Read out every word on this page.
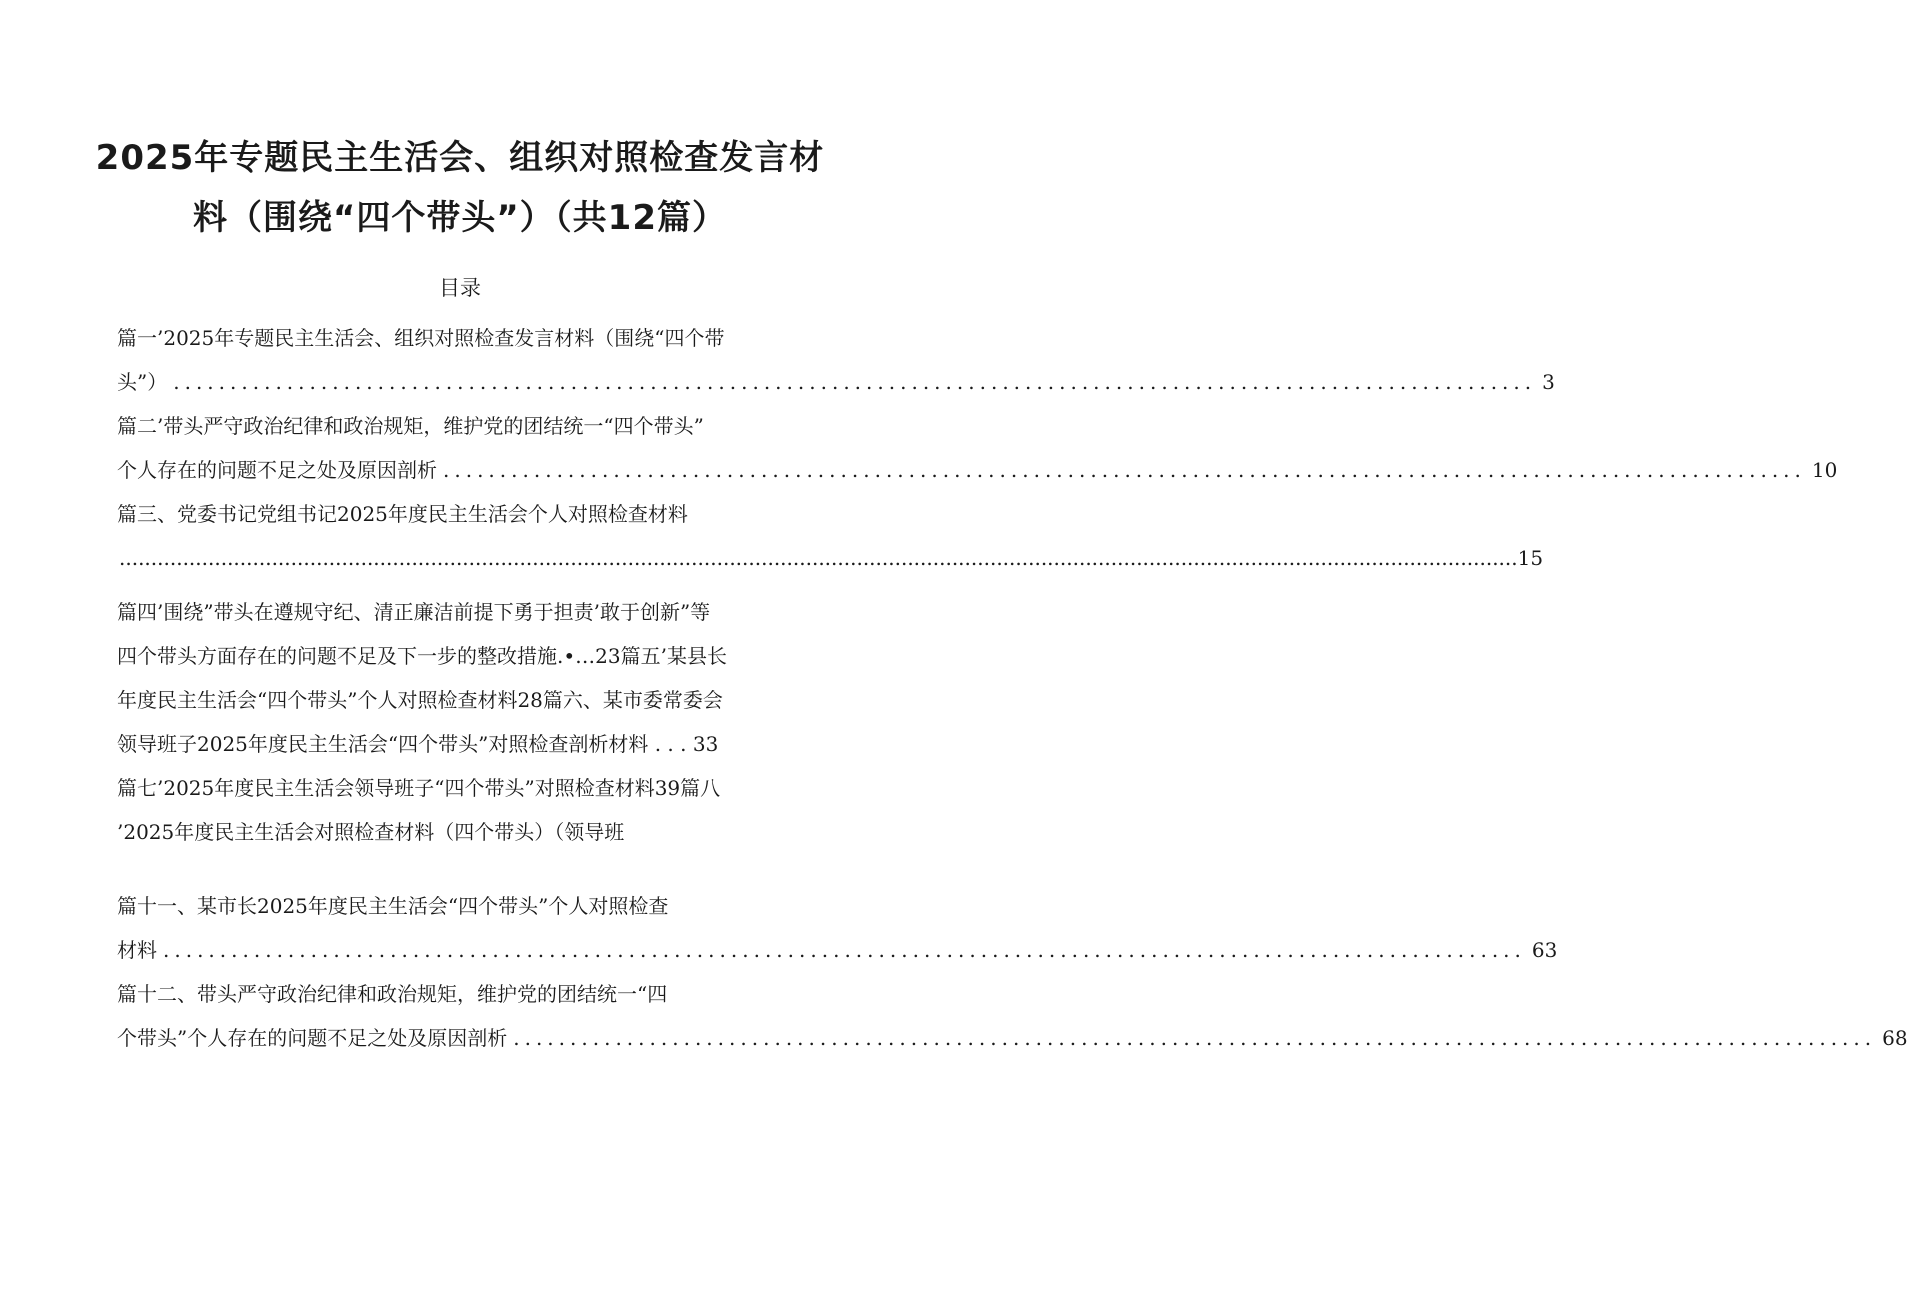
2025年专题民主生活会、组织对照检查发言材
料（围绕“四个带头”）（共12篇）
目录
篇一’2025年专题民主生活会、组织对照检查发言材料（围绕“四个带
头”） ........................................................................................................................ 3
篇二’带头严守政治纪律和政治规矩，维护党的团结统一“四个带头”
个人存在的问题不足之处及原因剖析 ........................................................................................................................ 10
篇三、党委书记党组书记2025年度民主生活会个人对照检查材料
............................................................................................................................................................................................................................ 15
篇四’围绕”带头在遵规守纪、清正廉洁前提下勇于担责’敢于创新”等
四个带头方面存在的问题不足及下一步的整改措施.•…23篇五’某县长
年度民主生活会“四个带头”个人对照检查材料28篇六、某市委常委会
领导班子2025年度民主生活会“四个带头”对照检查剖析材料 . . . 33
篇七’2025年度民主生活会领导班子“四个带头”对照检查材料39篇八
’2025年度民主生活会对照检查材料（四个带头）（领导班
篇十一、某市长2025年度民主生活会“四个带头”个人对照检查
材料 ........................................................................................................................ 63
篇十二、带头严守政治纪律和政治规矩，维护党的团结统一“四
个带头”个人存在的问题不足之处及原因剖析 ........................................................................................................................ 68
